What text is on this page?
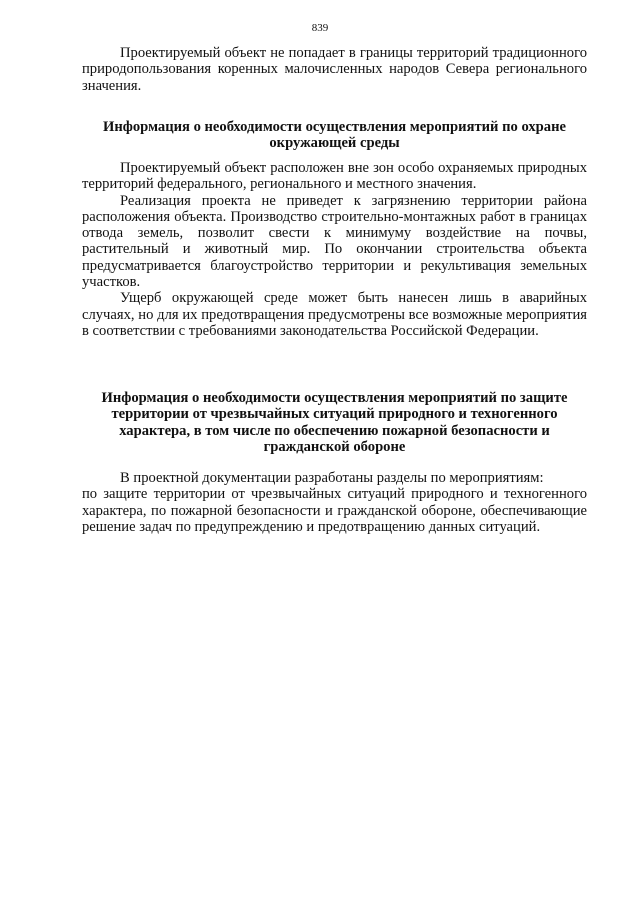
839

Проектируемый объект не попадает в границы территорий традиционного природопользования коренных малочисленных народов Севера регионального значения.

Информация о необходимости осуществления мероприятий по охране окружающей среды

Проектируемый объект расположен вне зон особо охраняемых природных территорий федерального, регионального и местного значения.

Реализация проекта не приведет к загрязнению территории района расположения объекта. Производство строительно-монтажных работ в границах отвода земель, позволит свести к минимуму воздействие на почвы, растительный и животный мир. По окончании строительства объекта предусматривается благоустройство территории и рекультивация земельных участков.

Ущерб окружающей среде может быть нанесен лишь в аварийных случаях, но для их предотвращения предусмотрены все возможные мероприятия в соответствии с требованиями законодательства Российской Федерации.

Информация о необходимости осуществления мероприятий по защите территории от чрезвычайных ситуаций природного и техногенного характера, в том числе по обеспечению пожарной безопасности и гражданской обороне

В проектной документации разработаны разделы по мероприятиям:

по защите территории от чрезвычайных ситуаций природного и техногенного характера, по пожарной безопасности и гражданской обороне, обеспечивающие решение задач по предупреждению и предотвращению данных ситуаций.
